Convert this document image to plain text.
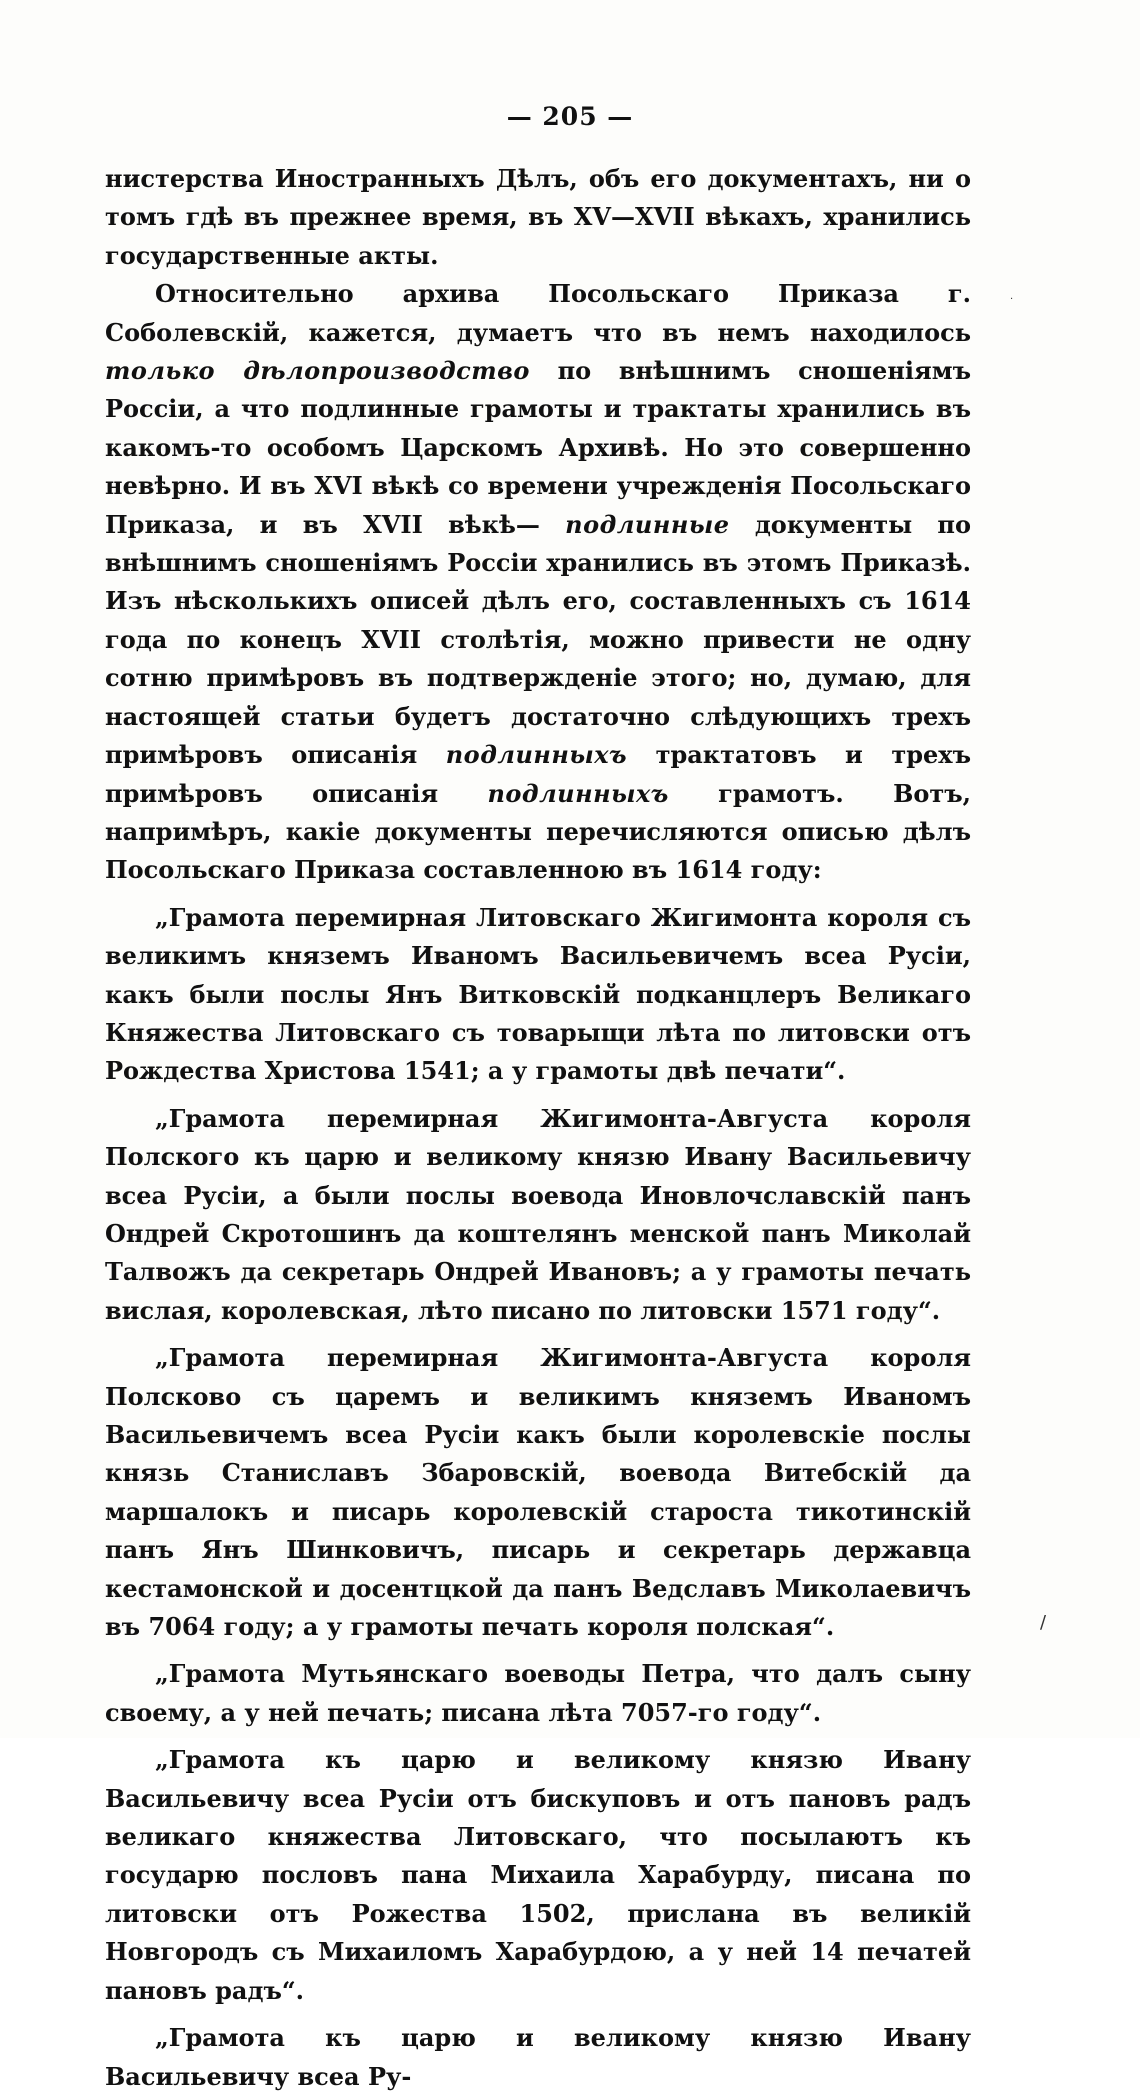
— 205 —

нистерства Иностранныхъ Дѣлъ, объ его документахъ, ни о томъ гдѣ въ прежнее время, въ XV—XVII вѣкахъ, хранились государственные акты.

Относительно архива Посольскаго Приказа г. Соболевскій, кажется, думаетъ что въ немъ находилось только дѣлопроизводство по внѣшнимъ сношеніямъ Россіи, а что подлинные грамоты и трактаты хранились въ какомъ-то особомъ Царскомъ Архивѣ. Но это совершенно невѣрно. И въ XVI вѣкѣ со времени учрежденія Посольскаго Приказа, и въ XVII вѣкѣ— подлинные документы по внѣшнимъ сношеніямъ Россіи хранились въ этомъ Приказѣ. Изъ нѣсколькихъ описей дѣлъ его, составленныхъ съ 1614 года по конецъ XVII столѣтія, можно привести не одну сотню примѣровъ въ подтвержденіе этого; но, думаю, для настоящей статьи будетъ достаточно слѣдующихъ трехъ примѣровъ описанія подлинныхъ трактатовъ и трехъ примѣровъ описанія подлинныхъ грамотъ. Вотъ, напримѣръ, какіе документы перечисляются описью дѣлъ Посольскаго Приказа составленною въ 1614 году:

„Грамота перемирная Литовскаго Жигимонта короля съ великимъ княземъ Иваномъ Васильевичемъ всеа Русіи, какъ были послы Янъ Витковскій подканцлеръ Великаго Княжества Литовскаго съ товарыщи лѣта по литовски отъ Рождества Христова 1541; а у грамоты двѣ печати“.

„Грамота перемирная Жигимонта-Августа короля Полского къ царю и великому князю Ивану Васильевичу всеа Русіи, а были послы воевода Иновлочславскій панъ Ондрей Скротошинъ да коштелянъ менской панъ Миколай Талвожъ да секретарь Ондрей Ивановъ; а у грамоты печать вислая, королевская, лѣто писано по литовски 1571 году“.

„Грамота перемирная Жигимонта-Августа короля Полсково съ царемъ и великимъ княземъ Иваномъ Васильевичемъ всеа Русіи какъ были королевскіе послы князь Станиславъ Збаровскій, воевода Витебскій да маршалокъ и писарь королевскій староста тикотинскій панъ Янъ Шинковичъ, писарь и секретарь державца кестамонской и досентцкой да панъ Ведславъ Миколаевичъ въ 7064 году; а у грамоты печать короля полская“.

„Грамота Мутьянскаго воеводы Петра, что далъ сыну своему, а у ней печать; писана лѣта 7057-го году“.

„Грамота къ царю и великому князю Ивану Васильевичу всеа Русіи отъ бискуповъ и отъ пановъ радъ великаго княжества Литовскаго, что посылаютъ къ государю пословъ пана Михаила Харабурду, писана по литовски отъ Рожества 1502, прислана въ великій Новгородъ съ Михаиломъ Харабурдою, а у ней 14 печатей пановъ радъ“.

„Грамота къ царю и великому князю Ивану Васильевичу всеа Ру-

/
·
